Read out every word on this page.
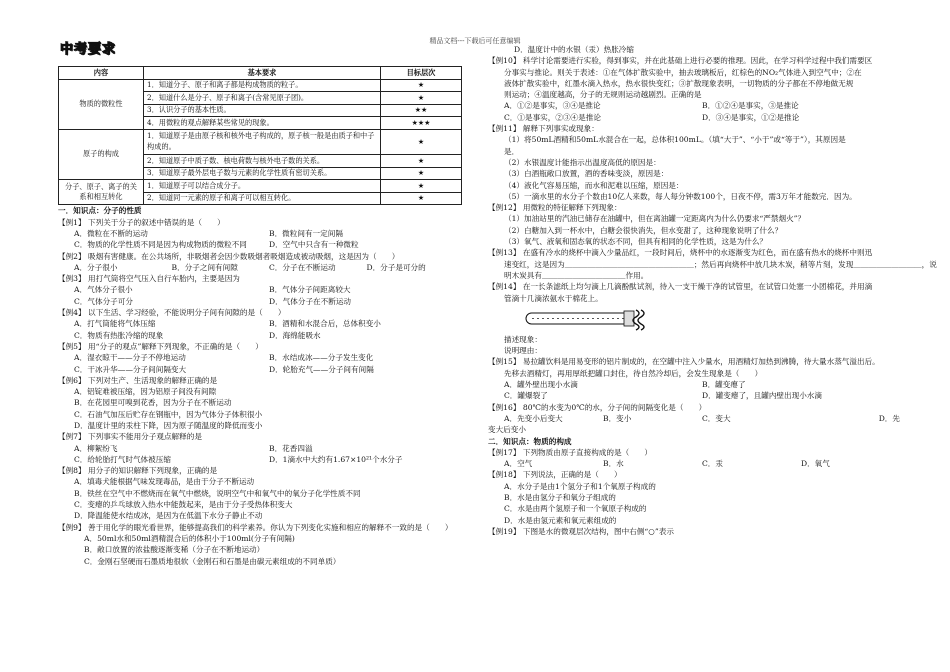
精品文档---下载后可任意编辑
中考要求
内容	基本要求	目标层次
物质的微粒性	1．知道分子、原子和离子都是构成物质的粒子。	★
	2．知道什么是分子、原子和离子(含常见原子团)。	★
	3．认识分子的基本性质。	★★
	4．用微粒的观点解释某些常见的现象。	★★★
原子的构成	1．知道原子是由原子核和核外电子构成的，原子核一般是由质子和中子构成的。	★
	2．知道原子中质子数、核电荷数与核外电子数的关系。	★
	3．知道原子最外层电子数与元素的化学性质有密切关系。	★
分子、原子、离子的关系和相互转化	1．知道原子可以结合成分子。	★
	2．知道同一元素的原子和离子可以相互转化。	★
一．知识点：分子的性质
【例1】 下列关于分子的叙述中错误的是（　　）
A．微粒在不断的运动	B．微粒间有一定间隔
C．物质的化学性质不同是因为构成物质的微粒不同	D．空气中只含有一种微粒
【例2】 吸烟有害健康。在公共场所，非吸烟者会因少数吸烟者吸烟造成被动吸烟，这是因为（　　）
A．分子很小	B．分子之间有间隙	C．分子在不断运动	D．分子是可分的
【例3】 用打气筒将空气压入自行车胎内，主要是因为
A．气体分子很小	B．气体分子间距离较大
C．气体分子可分	D．气体分子在不断运动
【例4】 以下生活、学习经验，不能说明分子间有间隙的是（　　）
A．打气筒能将气体压缩	B．酒精和水混合后，总体积变小
C．物质有热胀冷缩的现象	D．海绵能吸水
【例5】 用“分子的观点”解释下列现象，不正确的是（　　）
A．湿衣晾干——分子不停地运动	B．水结成冰——分子发生变化
C．干冰升华——分子间间隔变大	D．轮胎充气——分子间有间隔
【例6】 下列对生产、生活现象的解释正确的是
A．铝锭难被压缩，因为铝原子间没有间隙
B．在花园里可嗅到花香，因为分子在不断运动
C．石油气加压后贮存在钢瓶中，因为气体分子体积很小
D．温度计里的汞柱下降，因为原子随温度的降低而变小
【例7】 下列事实不能用分子观点解释的是
A．柳絮纷飞	B．花香四溢
C．给轮胎打气时气体被压缩	D．1滴水中大约有1.67×10²¹个水分子
【例8】 用分子的知识解释下列现象，正确的是
A．填毒犬能根据气味发现毒品，是由于分子不断运动
B．铁丝在空气中不燃烧而在氧气中燃烧，说明空气中和氧气中的氧分子化学性质不同
C．变瘪的乒乓球放入热水中能鼓起来，是由于分子受热体积变大
D．降温能使水结成冰，是因为在低温下水分子静止不动
【例9】 善于用化学的眼光看世界，能够提高我们的科学素养。你认为下列变化实施和相应的解释不一致的是（　　）
A．50ml水和50ml酒精混合后的体积小于100ml(分子有间隔)
B．敞口放置的浓盐酸逐渐变稀（分子在不断地运动）
C．金刚石坚硬而石墨质地很软（金刚石和石墨是由碳元素组成的不同单质）
D．温度计中的水银（汞）热胀冷缩
【例10】 科学讨论需要进行实验，得到事实，并在此基础上进行必要的推理。因此，在学习科学过程中我们需要区
分事实与推论。则关于表述：①在气体扩散实验中，抽去玻璃板后，红棕色的NO₂气体进入到空气中；②在
液体扩散实验中，红墨水滴入热水，热水很快变红；③扩散现象表明，一切物质的分子都在不停地做无规
则运动；④温度越高，分子的无规则运动越剧烈。正确的是
A．①②是事实，③④是推论	B．①②④是事实，③是推论
C．①是事实，②③④是推论	D．③④是事实，①②是推论
【例11】 解释下列事实或现象：
（1）将50mL酒精和50mL水混合在一起，总体积100mL。（填“大于”、“小于”或“等于”），其原因是
是．
（2）水银温度计能指示出温度高低的原因是：
（3）白酒瓶敞口放置，酒的香味变淡，原因是：
（4）液化气容易压缩，而水和泥难以压缩，原因是：
（5）一滴水里的水分子个数由10亿人来数，每人每分钟数100个，日夜不停，需3万年才能数完．因为。
【例12】 用微粒的特征解释下列现象：
（1）加油站里的汽油已储存在油罐中，但在离油罐一定距离内为什么仍要求“严禁烟火”？
（2）白糖加入到一杯水中，白糖会很快消失，但水变甜了，这种现象说明了什么？
（3）氧气、液氧和固态氧的状态不同，但具有相同的化学性质，这是为什么？
【例13】 在盛有冷水的烧杯中滴入少量品红，一段时间后，烧杯中的水逐渐变为红色，而在盛有热水的烧杯中则迅
速变红，这是因为＿＿＿＿＿＿＿＿＿＿＿＿＿＿＿＿＿；然后再向烧杯中放几块木炭，稍等片刻，发现＿＿＿＿＿＿＿＿＿，说
明木炭具有＿＿＿＿＿＿＿＿＿＿＿作用。
【例14】 在一长条滤纸上均匀滴上几滴酚酞试剂，待入一支干燥干净的试管里，在试管口处塞一小团棉花，并用滴
管滴十几滴浓氨水于棉花上。
描述现象：
说明理由：
【例15】 易拉罐饮料是用易变形的铝片制成的，在空罐中注入少量水，用酒精灯加热到沸腾，待大量水蒸气溢出后。
先移去酒精灯，再用厚纸把罐口封住，待自然冷却后，会发生现象是（　　）
A．罐外壁出现小水滴	B．罐变瘪了
C．罐爆裂了	D．罐变瘪了，且罐内壁出现小水滴
【例16】 80℃的水变为0℃的水，分子间的间隔变化是（　　）
A．先变小后变大	B．变小	C．变大	D．先
变大后变小
二．知识点：物质的构成
【例17】 下列物质由原子直接构成的是（　　）
A．空气	B．水	C．汞	D．氧气
【例18】 下列说法，正确的是（　　）
A．水分子是由1个氢分子和1个氧原子构成的
B．水是由氢分子和氧分子组成的
C．水是由两个氢原子和一个氧原子构成的
D．水是由氢元素和氧元素组成的
【例19】 下图是水的微观层次结构，图中右侧“○”表示
